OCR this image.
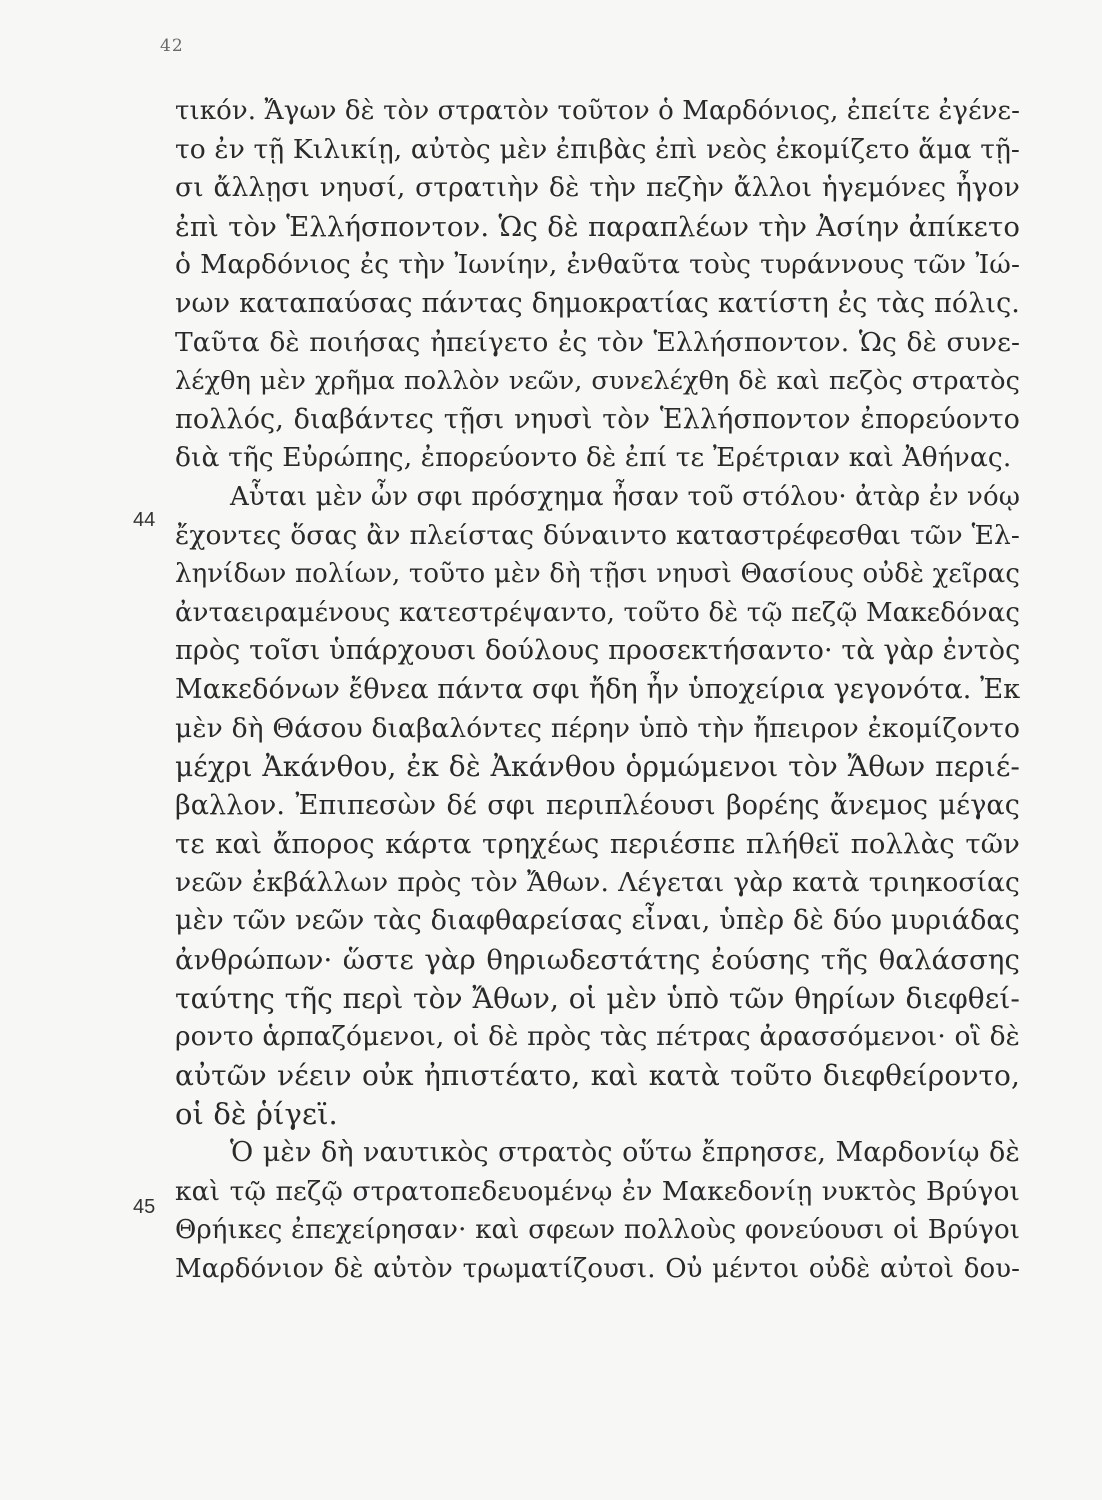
42
44
45
τικόν. Ἄγων δὲ τὸν στρατὸν τοῦτον ὁ Μαρδόνιος, ἐπείτε ἐγένε-
το ἐν τῇ Κιλικίῃ, αὐτὸς μὲν ἐπιβὰς ἐπὶ νεὸς ἐκομίζετο ἅμα τῇ-
σι ἄλλῃσι νηυσί, στρατιὴν δὲ τὴν πεζὴν ἄλλοι ἡγεμόνες ἦγον
ἐπὶ τὸν Ἑλλήσποντον. Ὡς δὲ παραπλέων τὴν Ἀσίην ἀπίκετο
ὁ Μαρδόνιος ἐς τὴν Ἰωνίην, ἐνθαῦτα τοὺς τυράννους τῶν Ἰώ-
νων καταπαύσας πάντας δημοκρατίας κατίστη ἐς τὰς πόλις.
Ταῦτα δὲ ποιήσας ἠπείγετο ἐς τὸν Ἑλλήσποντον. Ὡς δὲ συνε-
λέχθη μὲν χρῆμα πολλὸν νεῶν, συνελέχθη δὲ καὶ πεζὸς στρατὸς
πολλός, διαβάντες τῇσι νηυσὶ τὸν Ἑλλήσποντον ἐπορεύοντο
διὰ τῆς Εὐρώπης, ἐπορεύοντο δὲ ἐπί τε Ἐρέτριαν καὶ Ἀθήνας.
Αὗται μὲν ὦν σφι πρόσχημα ἦσαν τοῦ στόλου· ἀτὰρ ἐν νόῳ
ἔχοντες ὅσας ἂν πλείστας δύναιντο καταστρέφεσθαι τῶν Ἑλ-
ληνίδων πολίων, τοῦτο μὲν δὴ τῇσι νηυσὶ Θασίους οὐδὲ χεῖρας
ἀνταειραμένους κατεστρέψαντο, τοῦτο δὲ τῷ πεζῷ Μακεδόνας
πρὸς τοῖσι ὑπάρχουσι δούλους προσεκτήσαντο· τὰ γὰρ ἐντὸς
Μακεδόνων ἔθνεα πάντα σφι ἤδη ἦν ὑποχείρια γεγονότα. Ἐκ
μὲν δὴ Θάσου διαβαλόντες πέρην ὑπὸ τὴν ἤπειρον ἐκομίζοντο
μέχρι Ἀκάνθου, ἐκ δὲ Ἀκάνθου ὁρμώμενοι τὸν Ἄθων περιέ-
βαλλον. Ἐπιπεσὼν δέ σφι περιπλέουσι βορέης ἄνεμος μέγας
τε καὶ ἄπορος κάρτα τρηχέως περιέσπε πλήθεϊ πολλὰς τῶν
νεῶν ἐκβάλλων πρὸς τὸν Ἄθων. Λέγεται γὰρ κατὰ τριηκοσίας
μὲν τῶν νεῶν τὰς διαφθαρείσας εἶναι, ὑπὲρ δὲ δύο μυριάδας
ἀνθρώπων· ὥστε γὰρ θηριωδεστάτης ἐούσης τῆς θαλάσσης
ταύτης τῆς περὶ τὸν Ἄθων, οἱ μὲν ὑπὸ τῶν θηρίων διεφθεί-
ροντο ἁρπαζόμενοι, οἱ δὲ πρὸς τὰς πέτρας ἀρασσόμενοι· οἳ δὲ
αὐτῶν νέειν οὐκ ἠπιστέατο, καὶ κατὰ τοῦτο διεφθείροντο,
οἱ δὲ ῥίγεϊ.
Ὁ μὲν δὴ ναυτικὸς στρατὸς οὕτω ἔπρησσε, Μαρδονίῳ δὲ
καὶ τῷ πεζῷ στρατοπεδευομένῳ ἐν Μακεδονίῃ νυκτὸς Βρύγοι
Θρήικες ἐπεχείρησαν· καὶ σφεων πολλοὺς φονεύουσι οἱ Βρύγοι
Μαρδόνιον δὲ αὐτὸν τρωματίζουσι. Οὐ μέντοι οὐδὲ αὐτοὶ δου-
